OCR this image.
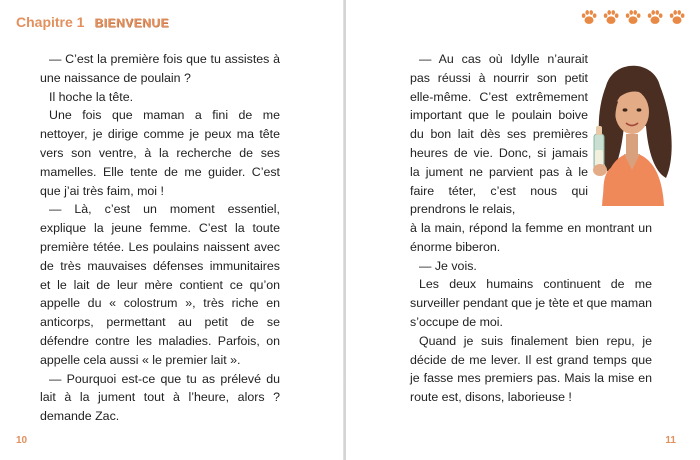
Chapitre 1 BIENVENUE

— C’est la première fois que tu assistes à une naissance de poulain ?

Il hoche la tête.

Une fois que maman a fini de me nettoyer, je dirige comme je peux ma tête vers son ventre, à la recherche de ses mamelles. Elle tente de me guider. C’est que j’ai très faim, moi !

— Là, c’est un moment essentiel, explique la jeune femme. C’est la toute première tétée. Les poulains naissent avec de très mauvaises défenses immunitaires et le lait de leur mère contient ce qu’on appelle du « colostrum », très riche en anticorps, permettant au petit de se défendre contre les maladies. Parfois, on appelle cela aussi « le premier lait ».

— Pourquoi est-ce que tu as prélevé du lait à la jument tout à l’heure, alors ? demande Zac.

10

— Au cas où Idylle n’aurait pas réussi à nourrir son petit elle-même. C’est extrêmement important que le poulain boive du bon lait dès ses premières heures de vie. Donc, si jamais la jument ne parvient pas à le faire téter, c’est nous qui prendrons le relais,

à la main, répond la femme en montrant un énorme biberon.

— Je vois.

Les deux humains continuent de me surveiller pendant que je tète et que maman s’occupe de moi.

Quand je suis finalement bien repu, je décide de me lever. Il est grand temps que je fasse mes premiers pas. Mais la mise en route est, disons, laborieuse !

11
